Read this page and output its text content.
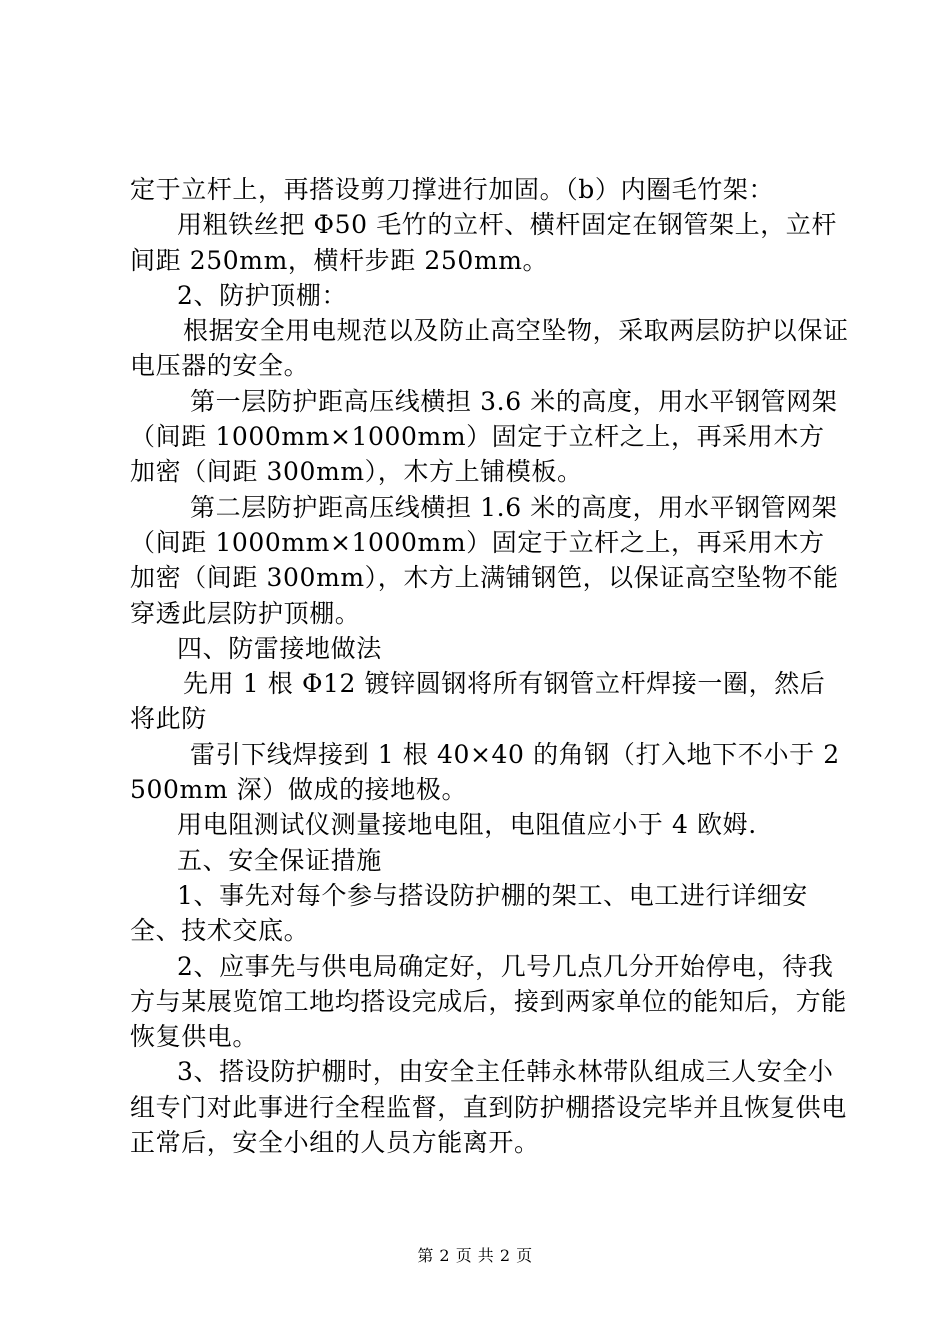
定于立杆上，再搭设剪刀撑进行加固。（b）内圈毛竹架：

用粗铁丝把 Φ50 毛竹的立杆、横杆固定在钢管架上，立杆间距 250mm，横杆步距 250mm。

2、防护顶棚：

根据安全用电规范以及防止高空坠物，采取两层防护以保证电压器的安全。

第一层防护距高压线横担 3.6 米的高度，用水平钢管网架（间距 1000mm×1000mm）固定于立杆之上，再采用木方加密（间距 300mm），木方上铺模板。

第二层防护距高压线横担 1.6 米的高度，用水平钢管网架（间距 1000mm×1000mm）固定于立杆之上，再采用木方加密（间距 300mm），木方上满铺钢笆，以保证高空坠物不能穿透此层防护顶棚。

四、防雷接地做法

先用 1 根 Φ12 镀锌圆钢将所有钢管立杆焊接一圈，然后将此防

雷引下线焊接到 1 根 40×40 的角钢（打入地下不小于 2500mm 深）做成的接地极。

用电阻测试仪测量接地电阻，电阻值应小于 4 欧姆.

五、安全保证措施

1、事先对每个参与搭设防护棚的架工、电工进行详细安全、技术交底。

2、应事先与供电局确定好，几号几点几分开始停电，待我方与某展览馆工地均搭设完成后，接到两家单位的能知后，方能恢复供电。

3、搭设防护棚时，由安全主任韩永林带队组成三人安全小组专门对此事进行全程监督，直到防护棚搭设完毕并且恢复供电正常后，安全小组的人员方能离开。

第 2 页 共 2 页
